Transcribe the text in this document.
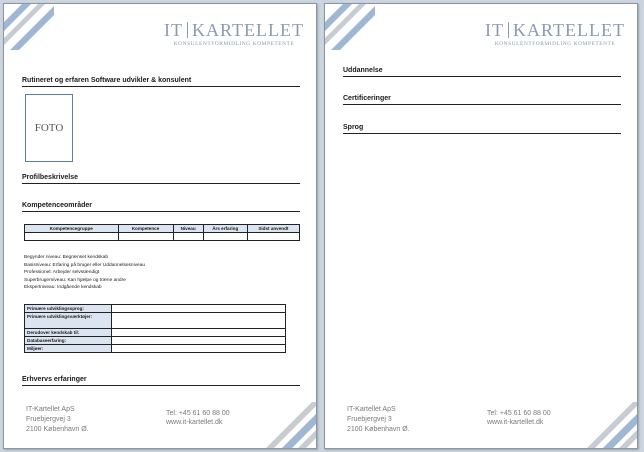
IT KARTELLET
KONSULENTFORMIDLING KOMPETENTE
Rutineret og erfaren Software udvikler & konsulent
FOTO
Profilbeskrivelse
Kompetenceområder
Kompetencegruppe	Kompetence	Niveau	Års erfaring	Sidst anvendt

Begynder niveau: Begrænset kendskab
Basisniveau: Erfaring på bruger eller Uddannelsesniveau
Professionel: Arbejder selvstændigt
Superbrugerniveau: Kan hjælpe og træne andre
Ekspertniveau: Indgående kendskab
Primære udviklingssprog:	
Primære udviklingsværktøjer:	
Derudover kendskab til:	
Databaseerfaring:	
Miljøer:	
Erhvervs erfaringer
IT-Kartellet ApS
Fruebjergvej 3
2100 København Ø.
Tel: +45 61 60 88 00
www.it-kartellet.dk
IT KARTELLET
KONSULENTFORMIDLING KOMPETENTE
Uddannelse
Certificeringer
Sprog
IT-Kartellet ApS
Fruebjergvej 3
2100 København Ø.
Tel: +45 61 60 88 00
www.it-kartellet.dk
